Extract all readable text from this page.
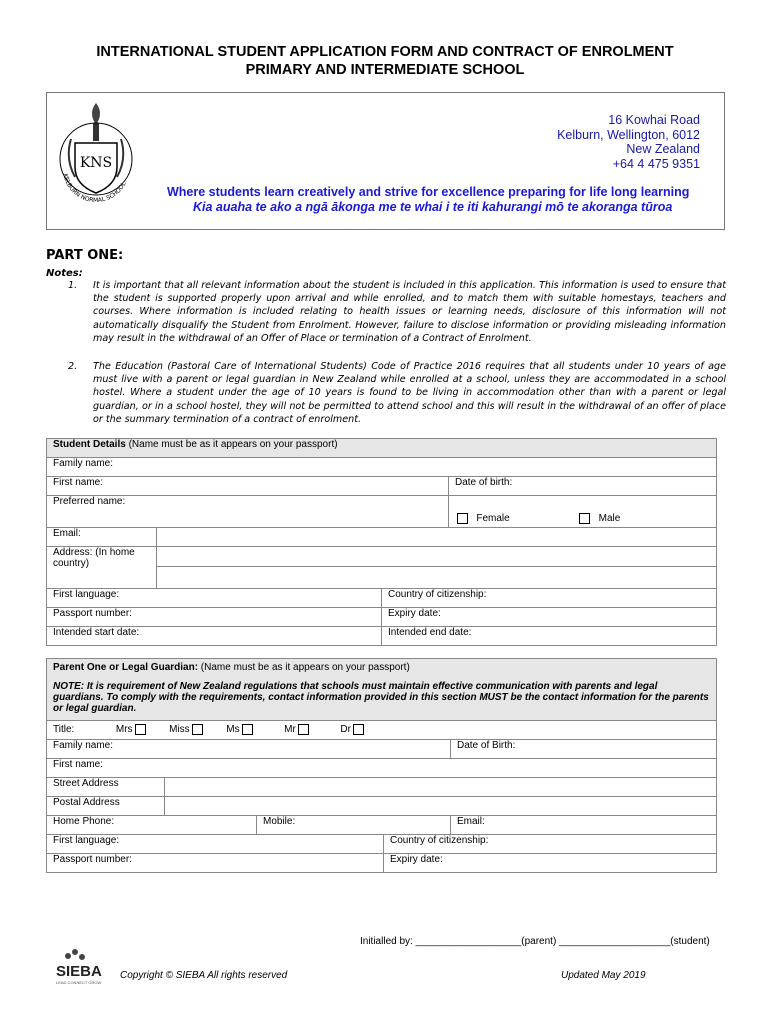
INTERNATIONAL STUDENT APPLICATION FORM AND CONTRACT OF ENROLMENT
PRIMARY AND INTERMEDIATE SCHOOL
KNS
KELBURN NORMAL SCHOOL
16 Kowhai Road
Kelburn, Wellington, 6012
New Zealand
+64 4 475 9351
Where students learn creatively and strive for excellence preparing for life long learning
Kia auaha te ako a ngā ākonga me te whai i te iti kahurangi mō te akoranga tūroa
PART ONE:
Notes:
1. It is important that all relevant information about the student is included in this application. This information is used to ensure that the student is supported properly upon arrival and while enrolled, and to match them with suitable homestays, teachers and courses. Where information is included relating to health issues or learning needs, disclosure of this information will not automatically disqualify the Student from Enrolment. However, failure to disclose information or providing misleading information may result in the withdrawal of an Offer of Place or termination of a Contract of Enrolment.
2. The Education (Pastoral Care of International Students) Code of Practice 2016 requires that all students under 10 years of age must live with a parent or legal guardian in New Zealand while enrolled at a school, unless they are accommodated in a school hostel. Where a student under the age of 10 years is found to be living in accommodation other than with a parent or legal guardian, or in a school hostel, they will not be permitted to attend school and this will result in the withdrawal of an offer of place or the summary termination of a contract of enrolment.
Student Details (Name must be as it appears on your passport)			
Family name:			
First name:			Date of birth:
Preferred name:			Female Male
Email:			
Address: (In home country)			

First language:		Country of citizenship:	
Passport number:		Expiry date:	
Intended start date:		Intended end date:	
Parent One or Legal Guardian: (Name must be as it appears on your passport)
NOTE: It is requirement of New Zealand regulations that schools must maintain effective communication with parents and legal guardians. To comply with the requirements, contact information provided in this section MUST be the contact information for the parents or legal guardian.				

Title: Mrs Miss Ms Mr Dr				
Family name:				Date of Birth:
First name:				
Street Address				
Postal Address				
Home Phone:		Mobile:		Email:
First language:			Country of citizenship:	
Passport number:			Expiry date:	
Initialled by: ___________________(parent) ____________________(student)
SIEBA
LEAD CONNECT GROW
Copyright © SIEBA All rights reserved	Updated May 2019
